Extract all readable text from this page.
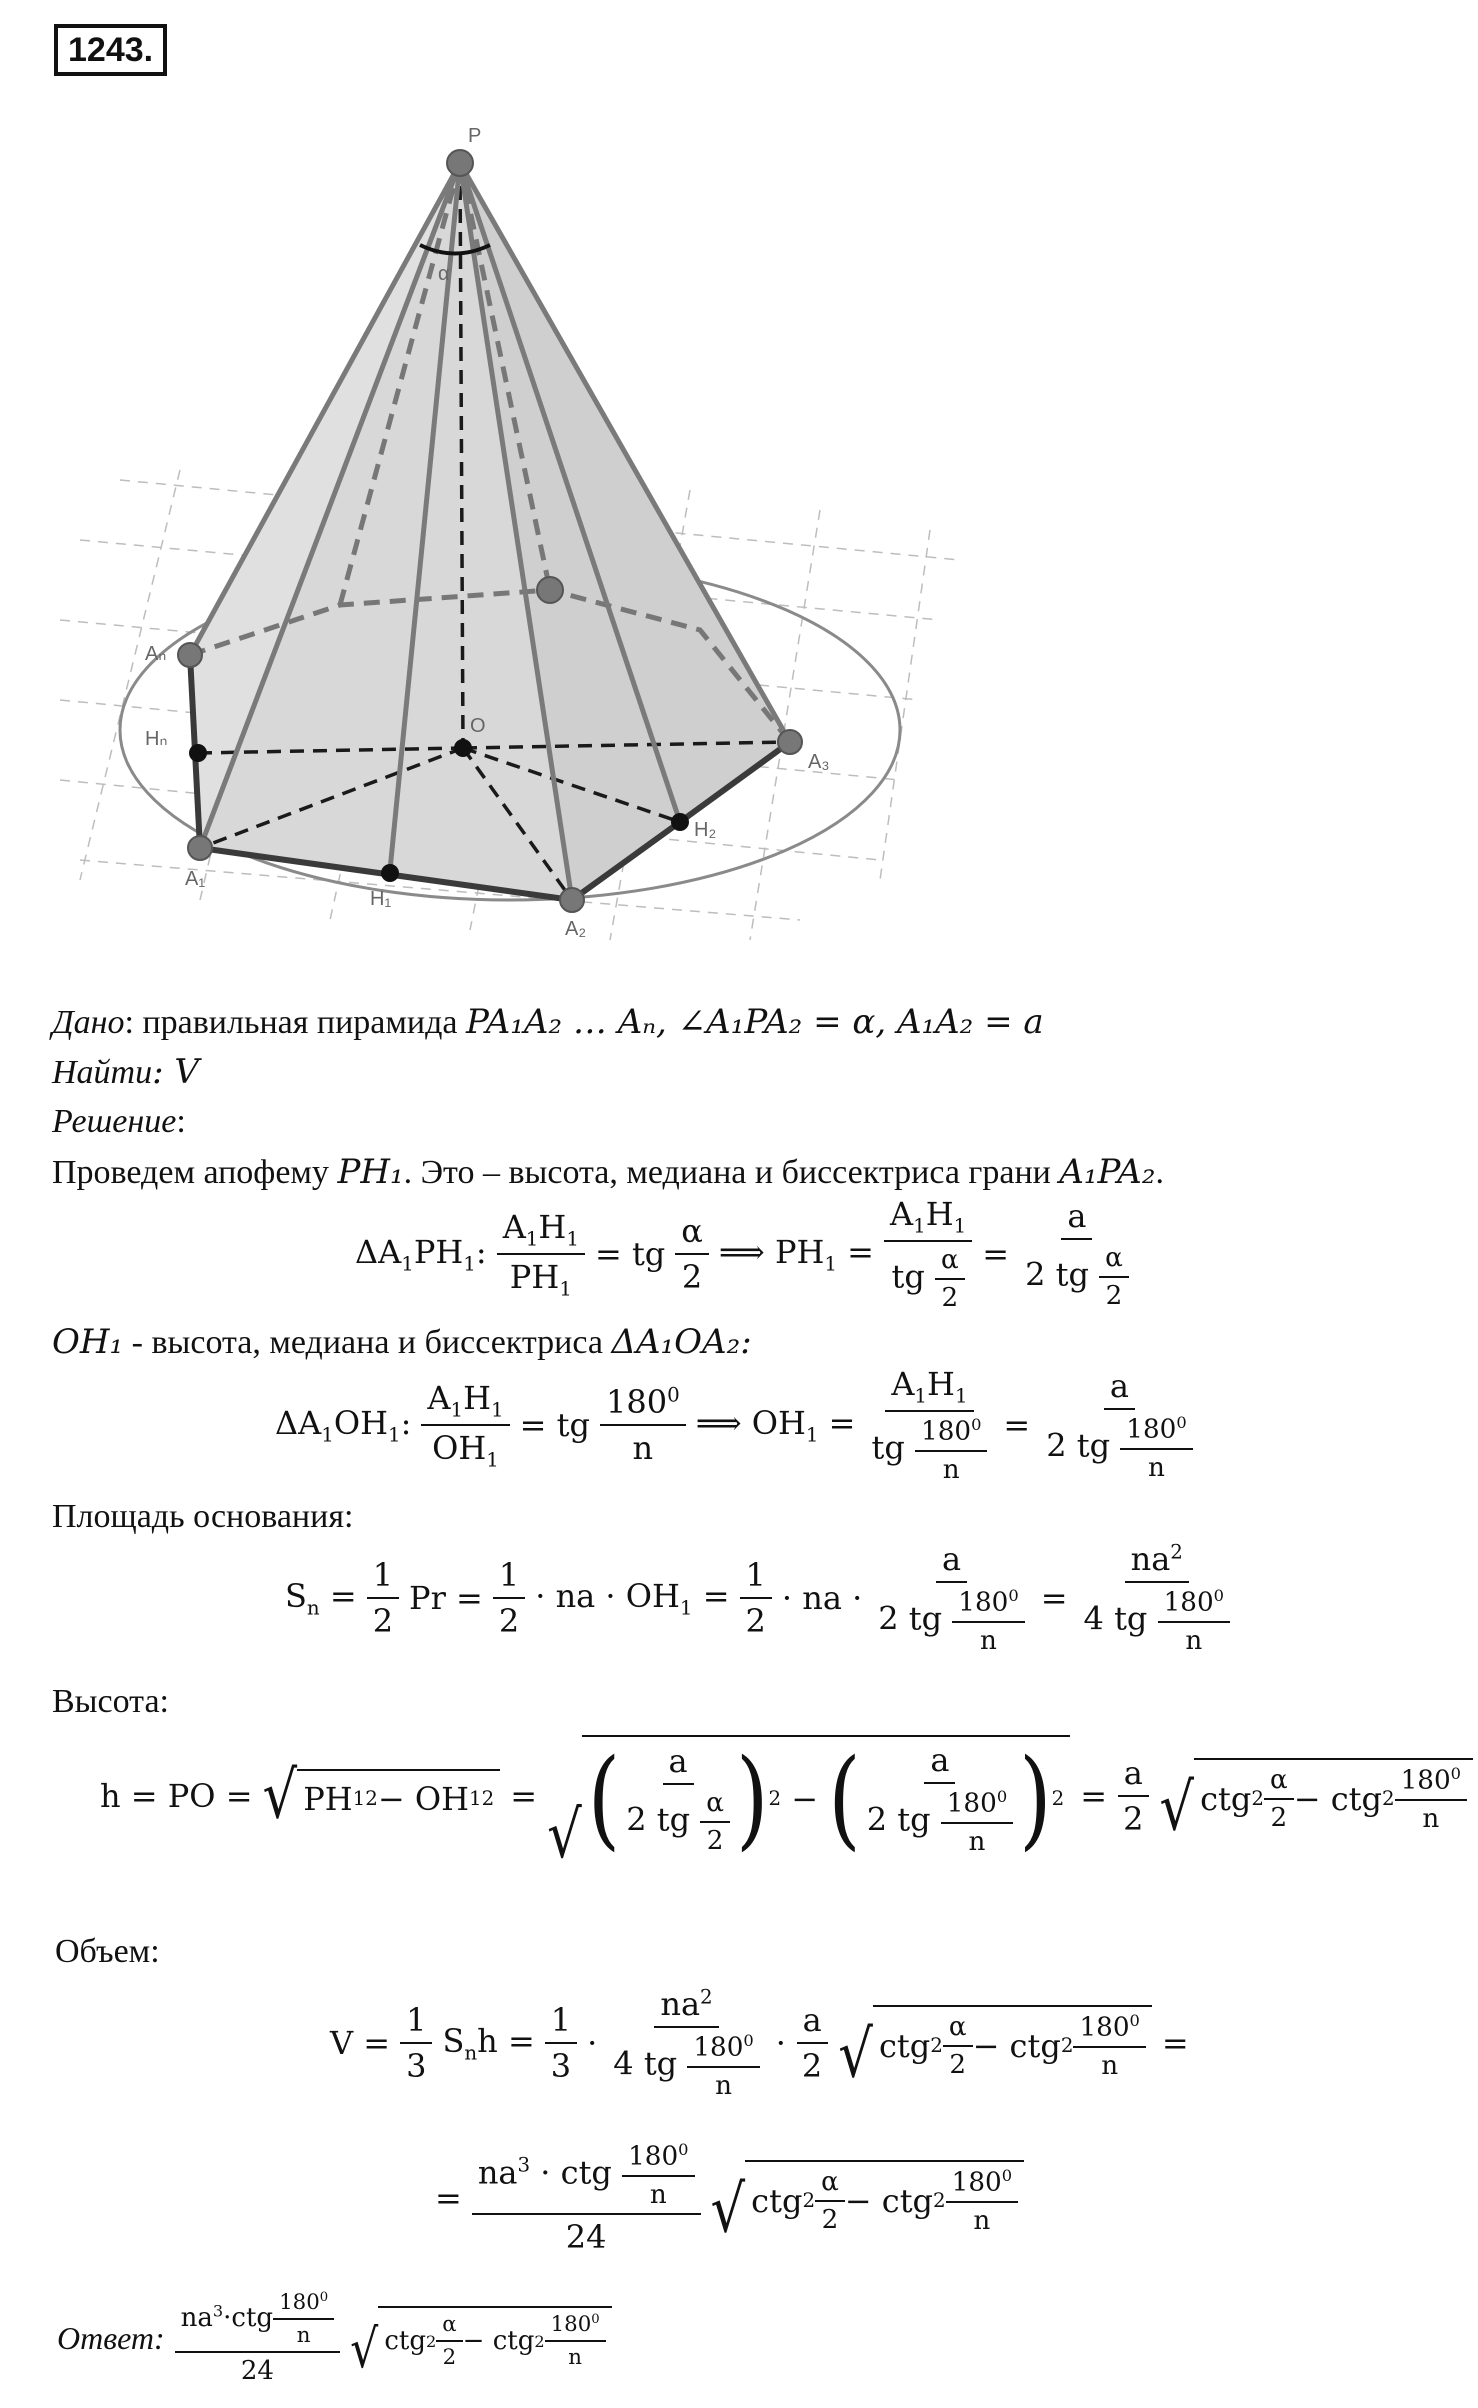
1243.
P
α
Aₙ
Hₙ
O
A₁
H₁
A₂
A₃
H₂
Дано: правильная пирамида PA₁A₂ … Aₙ, ∠A₁PA₂ = α, A₁A₂ = a
Найти: V
Решение:
Проведем апофему PH₁. Это – высота, медиана и биссектриса грани A₁PA₂.
$\Delta A_1PH_1$: $\frac{A_1H_1}{PH_1}$ = tg $\frac{\alpha}{2}$ ⟹ $PH_1 = \frac{A_1H_1}{tg \frac{\alpha}{2}} = \frac{a}{2 tg \frac{\alpha}{2}}$
OH₁ - высота, медиана и биссектриса ΔA₁OA₂:
$\Delta A_1OH_1$: $\frac{A_1H_1}{OH_1}$ = tg $\frac{180^0}{n}$ ⟹ $OH_1 = \frac{A_1H_1}{tg \frac{180^0}{n}} = \frac{a}{2 tg \frac{180^0}{n}}$
Площадь основания:
$S_n = \frac{1}{2}$ $Pr = \frac{1}{2}$ · na · $OH_1 = \frac{1}{2}$ · na · $\frac{a}{2 tg \frac{180^0}{n}} = \frac{na^2}{4 tg \frac{180^0}{n}}$
Высота:
h = PO = √ PH 1 2 − OH 1 2 =
√ ( $\frac{a}{2 tg \frac{\alpha}{2}}$ ) 2 − ( $\frac{a}{2 tg \frac{180^0}{n}}$ ) $2 = \frac{a}{2}$ √ ctg $2 \frac{\alpha}{2}$ − ctg $2 \frac{180^0}{n}$
Объем:
$V = \frac{1}{3} S_nh = \frac{1}{3} \cdot \frac{na^2}{4 tg \frac{180^0}{n}} \cdot \frac{a}{2}$ √ ctg $2 \frac{\alpha}{2}$ − ctg $2 \frac{180^0}{n}$ =
= $\frac{na^3 \cdot ctg \frac{180^0}{n}}{24}$ √ ctg $2 \frac{\alpha}{2}$ − ctg $2 \frac{180^0}{n}$
Ответ: $\frac{na^3\cdot ctg \frac{180^0}{n}}{24}$ √ ctg $2 \frac{\alpha}{2}$ − ctg $2 \frac{180^0}{n}$
